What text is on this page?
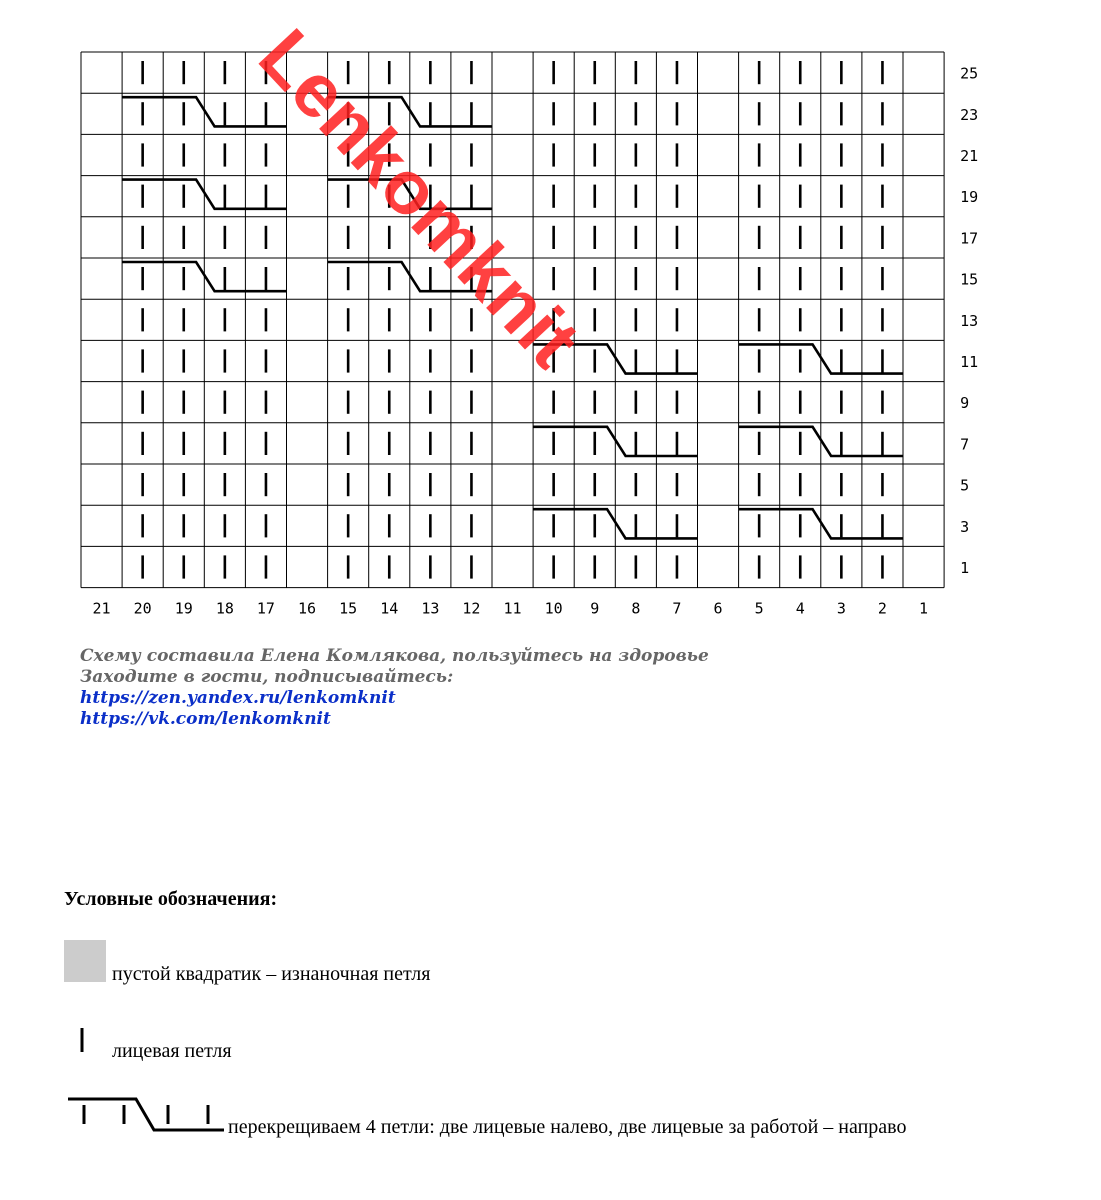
25
23
21
19
17
15
13
11
9
7
5
3
1
21 20 19 18 17 16 15 14 13 12 11 10 9 8 7 6 5 4 3 2 1
Lenkomknit
Схему составила Елена Комлякова, пользуйтесь на здоровье
Заходите в гости, подписывайтесь:
https://zen.yandex.ru/lenkomknit
https://vk.com/lenkomknit

Условные обозначения:

пустой квадратик – изнаночная петля

лицевая петля

перекрещиваем 4 петли: две лицевые налево, две лицевые за работой – направо
